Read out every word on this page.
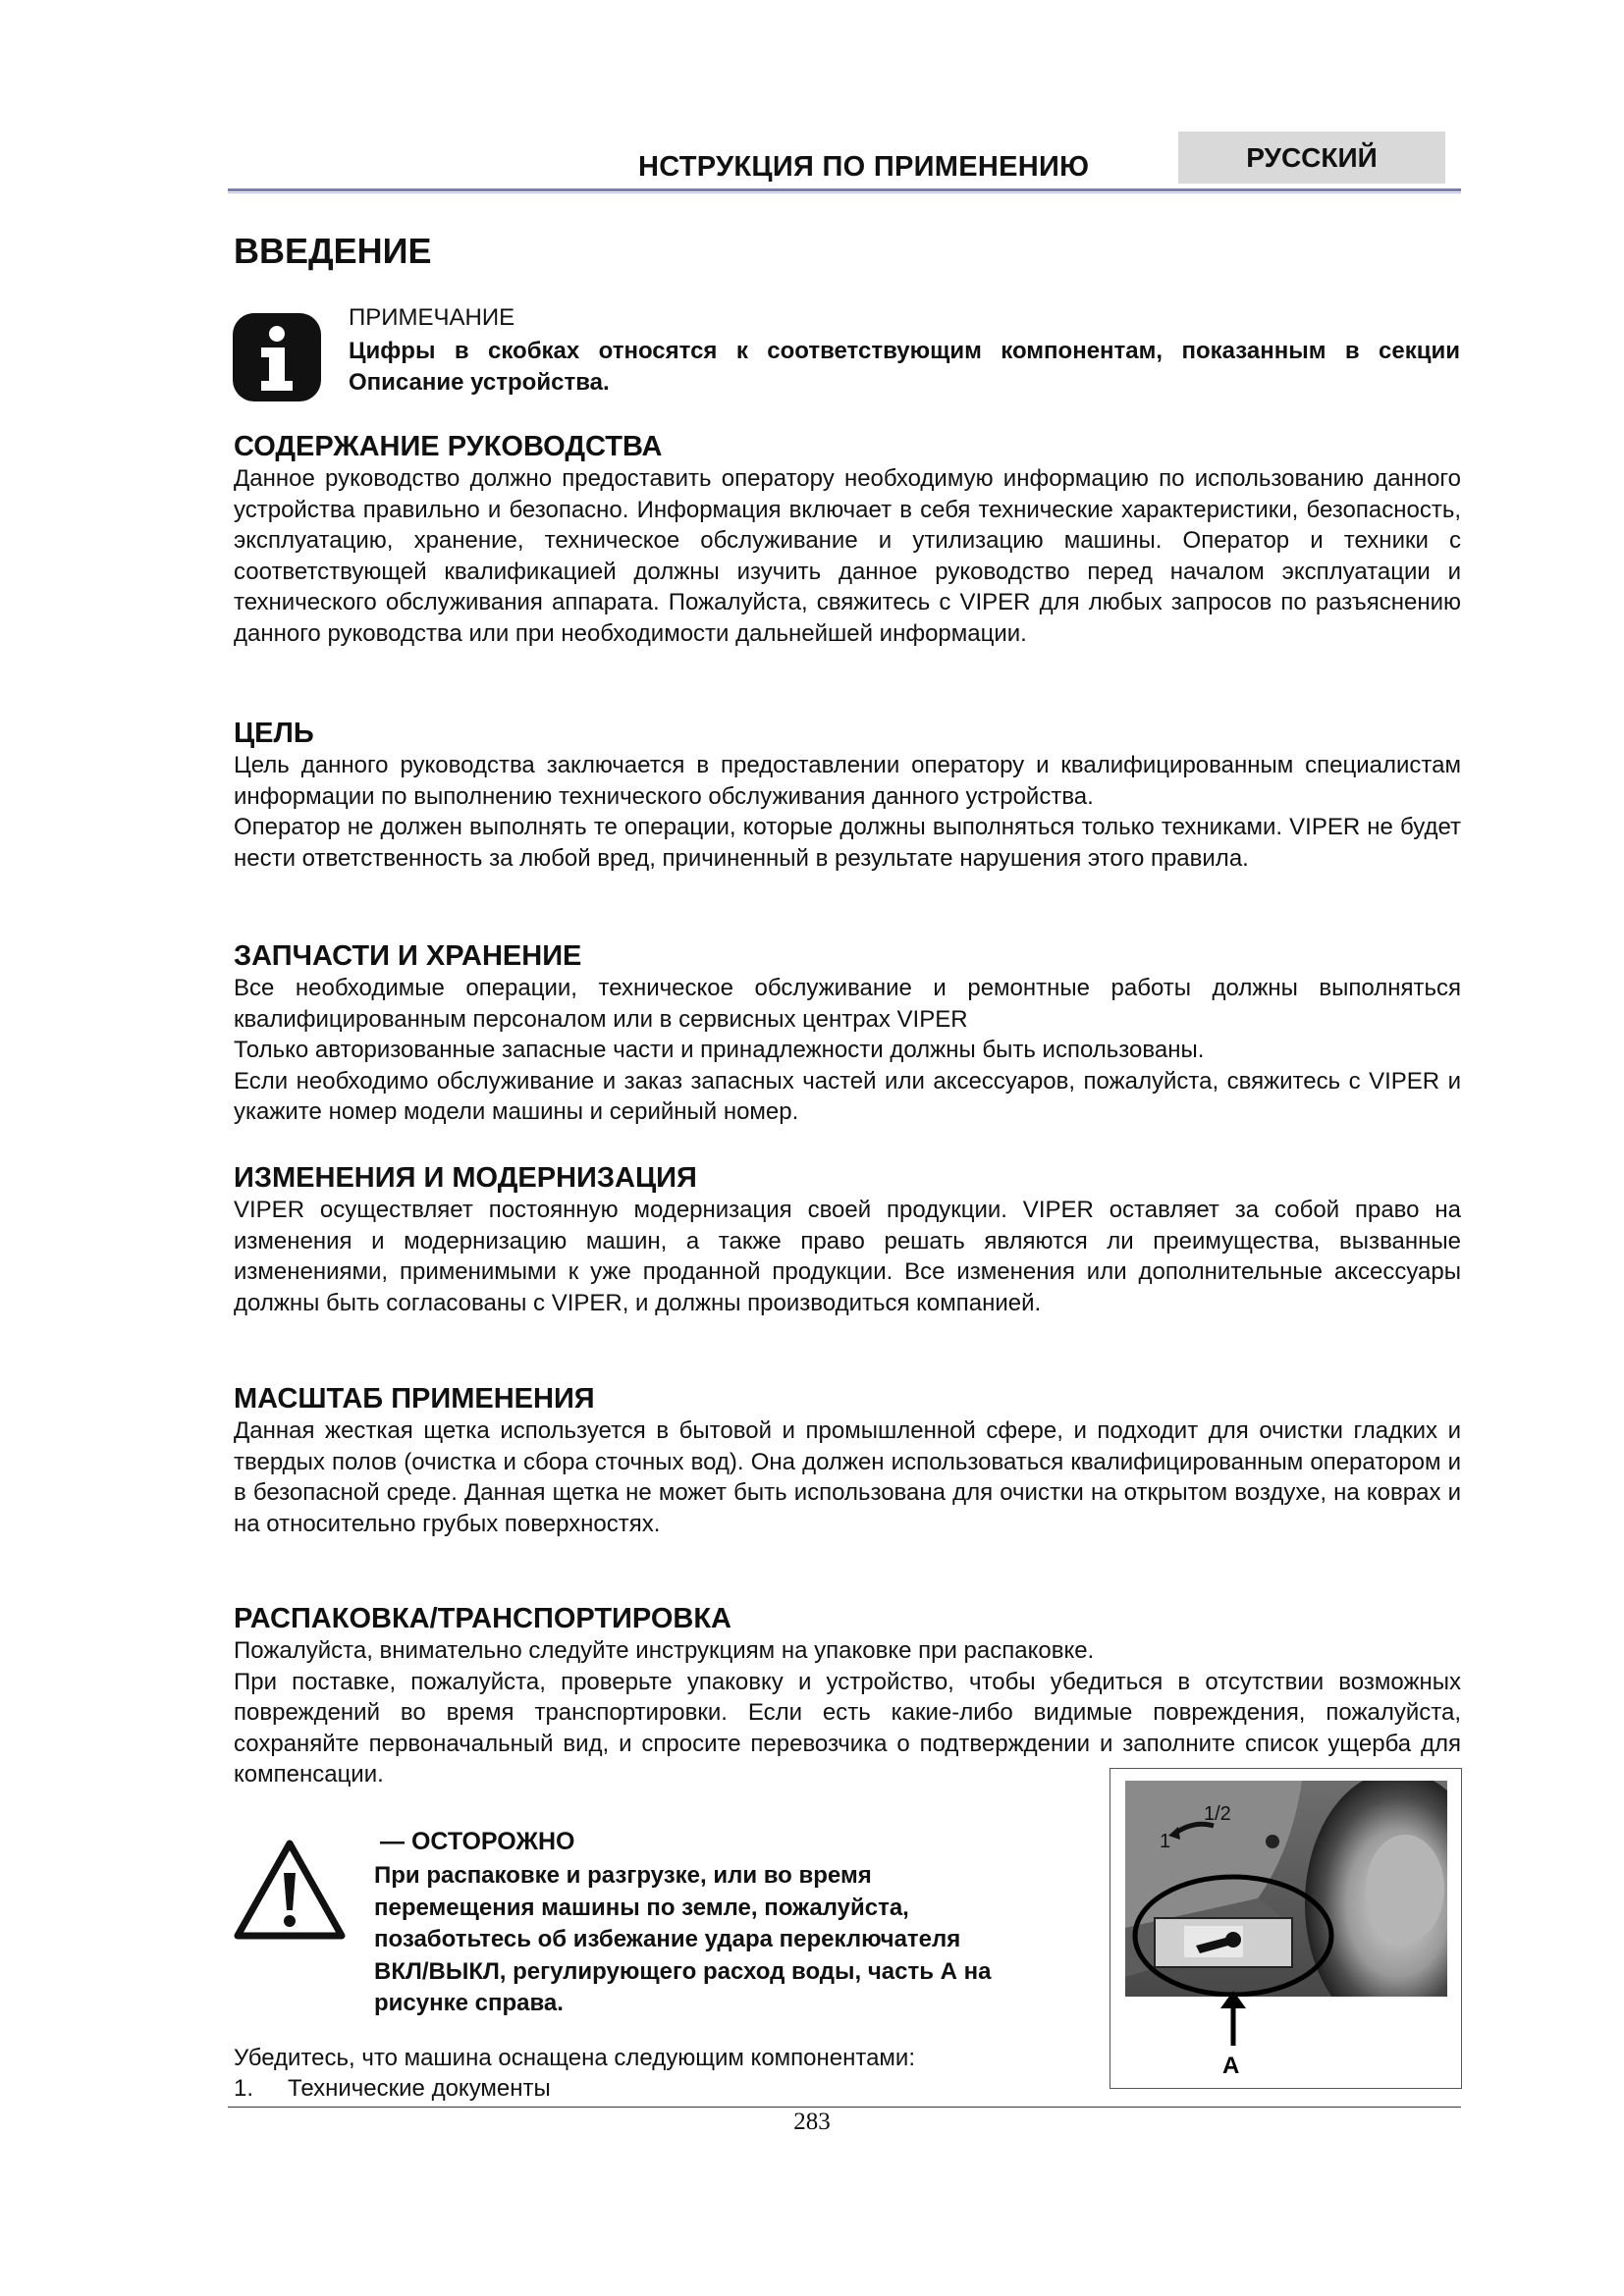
НСТРУКЦИЯ ПО ПРИМЕНЕНИЮ	РУССКИЙ
ВВЕДЕНИЕ
ПРИМЕЧАНИЕ
Цифры в скобках относятся к соответствующим компонентам, показанным в секции Описание устройства.
СОДЕРЖАНИЕ РУКОВОДСТВА

Данное руководство должно предоставить оператору необходимую информацию по использованию данного устройства правильно и безопасно. Информация включает в себя технические характеристики, безопасность, эксплуатацию, хранение, техническое обслуживание и утилизацию машины. Оператор и техники с соответствующей квалификацией должны изучить данное руководство перед началом эксплуатации и технического обслуживания аппарата. Пожалуйста, свяжитесь с VIPER для любых запросов по разъяснению данного руководства или при необходимости дальнейшей информации.

ЦЕЛЬ

Цель данного руководства заключается в предоставлении оператору и квалифицированным специалистам информации по выполнению технического обслуживания данного устройства.

Оператор не должен выполнять те операции, которые должны выполняться только техниками. VIPER не будет нести ответственность за любой вред, причиненный в результате нарушения этого правила.

ЗАПЧАСТИ И ХРАНЕНИЕ

Все необходимые операции, техническое обслуживание и ремонтные работы должны выполняться квалифицированным персоналом или в сервисных центрах VIPER

Только авторизованные запасные части и принадлежности должны быть использованы.

Если необходимо обслуживание и заказ запасных частей или аксессуаров, пожалуйста, свяжитесь с VIPER и укажите номер модели машины и серийный номер.

ИЗМЕНЕНИЯ И МОДЕРНИЗАЦИЯ

VIPER осуществляет постоянную модернизация своей продукции. VIPER оставляет за собой право на изменения и модернизацию машин, а также право решать являются ли преимущества, вызванные изменениями, применимыми к уже проданной продукции. Все изменения или дополнительные аксессуары должны быть согласованы с VIPER, и должны производиться компанией.

МАСШТАБ ПРИМЕНЕНИЯ

Данная жесткая щетка используется в бытовой и промышленной сфере, и подходит для очистки гладких и твердых полов (очистка и сбора сточных вод). Она должен использоваться квалифицированным оператором и в безопасной среде. Данная щетка не может быть использована для очистки на открытом воздухе, на коврах и на относительно грубых поверхностях.

РАСПАКОВКА/ТРАНСПОРТИРОВКА

Пожалуйста, внимательно следуйте инструкциям на упаковке при распаковке.

При поставке, пожалуйста, проверьте упаковку и устройство, чтобы убедиться в отсутствии возможных повреждений во время транспортировки. Если есть какие-либо видимые повреждения, пожалуйста, сохраняйте первоначальный вид, и спросите перевозчика о подтверждении и заполните список ущерба для компенсации.

— ОСТОРОЖНО
При распаковке и разгрузке, или во время
перемещения машины по земле, пожалуйста,
позаботьтесь об избежание удара переключателя
ВКЛ/ВЫКЛ, регулирующего расход воды, часть А на
рисунке справа.
Убедитесь, что машина оснащена следующим компонентами:
1. Технические документы
1
1/2
A
283
